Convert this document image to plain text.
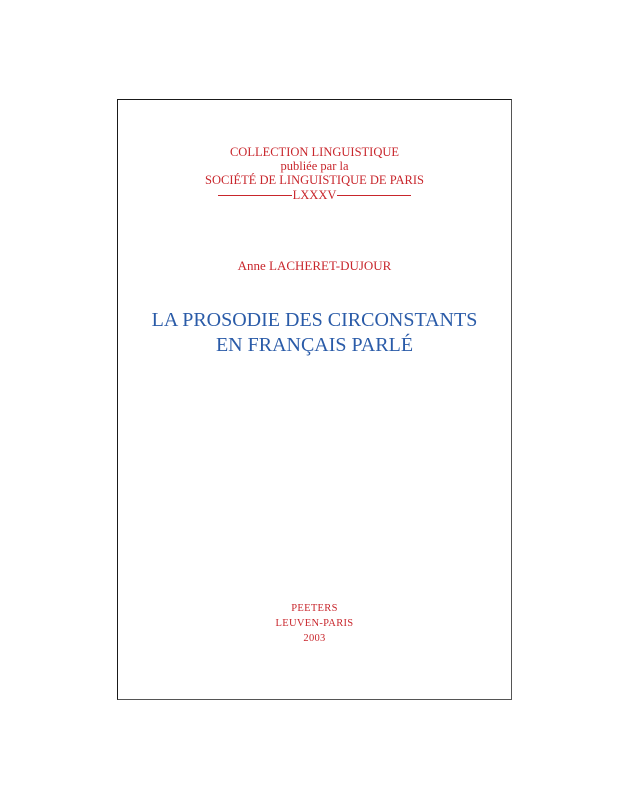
COLLECTION LINGUISTIQUE
publiée par la
SOCIÉTÉ DE LINGUISTIQUE DE PARIS
LXXXV
Anne LACHERET-DUJOUR
LA PROSODIE DES CIRCONSTANTS
EN FRANÇAIS PARLÉ
PEETERS
LEUVEN-PARIS
2003
